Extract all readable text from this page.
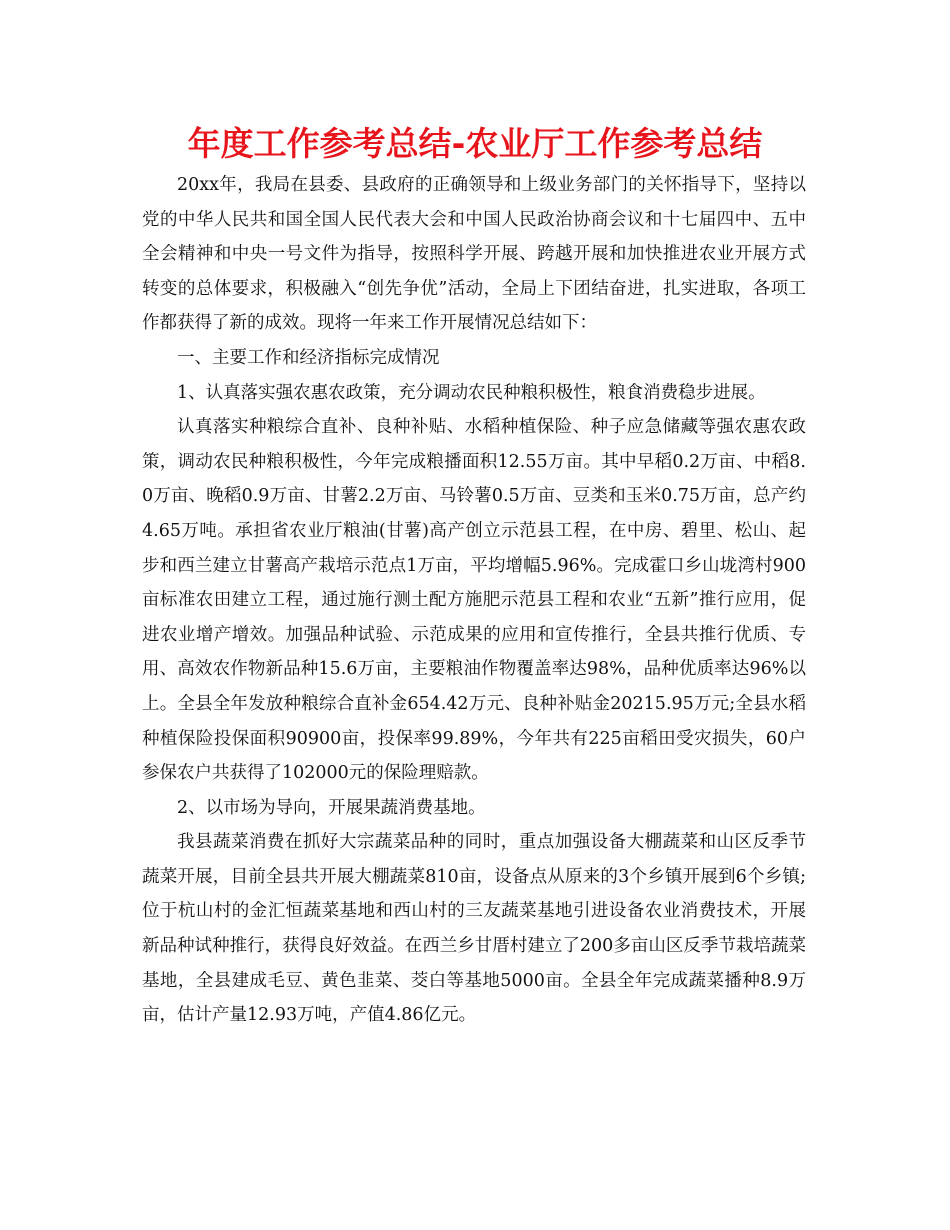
年度工作参考总结-农业厅工作参考总结

20xx年，我局在县委、县政府的正确领导和上级业务部门的关怀指导下，坚持以党的中华人民共和国全国人民代表大会和中国人民政治协商会议和十七届四中、五中全会精神和中央一号文件为指导，按照科学开展、跨越开展和加快推进农业开展方式转变的总体要求，积极融入“创先争优”活动，全局上下团结奋进，扎实进取，各项工作都获得了新的成效。现将一年来工作开展情况总结如下：

一、主要工作和经济指标完成情况

1、认真落实强农惠农政策，充分调动农民种粮积极性，粮食消费稳步进展。

认真落实种粮综合直补、良种补贴、水稻种植保险、种子应急储藏等强农惠农政策，调动农民种粮积极性，今年完成粮播面积12.55万亩。其中早稻0.2万亩、中稻8.0万亩、晚稻0.9万亩、甘薯2.2万亩、马铃薯0.5万亩、豆类和玉米0.75万亩，总产约4.65万吨。承担省农业厅粮油(甘薯)高产创立示范县工程，在中房、碧里、松山、起步和西兰建立甘薯高产栽培示范点1万亩，平均增幅5.96%。完成霍口乡山垅湾村900亩标准农田建立工程，通过施行测土配方施肥示范县工程和农业“五新”推行应用，促进农业增产增效。加强品种试验、示范成果的应用和宣传推行，全县共推行优质、专用、高效农作物新品种15.6万亩，主要粮油作物覆盖率达98%，品种优质率达96%以上。全县全年发放种粮综合直补金654.42万元、良种补贴金20215.95万元;全县水稻种植保险投保面积90900亩，投保率99.89%，今年共有225亩稻田受灾损失，60户参保农户共获得了102000元的保险理赔款。

2、以市场为导向，开展果蔬消费基地。

我县蔬菜消费在抓好大宗蔬菜品种的同时，重点加强设备大棚蔬菜和山区反季节蔬菜开展，目前全县共开展大棚蔬菜810亩，设备点从原来的3个乡镇开展到6个乡镇;位于杭山村的金汇恒蔬菜基地和西山村的三友蔬菜基地引进设备农业消费技术，开展新品种试种推行，获得良好效益。在西兰乡甘厝村建立了200多亩山区反季节栽培蔬菜基地，全县建成毛豆、黄色韭菜、茭白等基地5000亩。全县全年完成蔬菜播种8.9万亩，估计产量12.93万吨，产值4.86亿元。
